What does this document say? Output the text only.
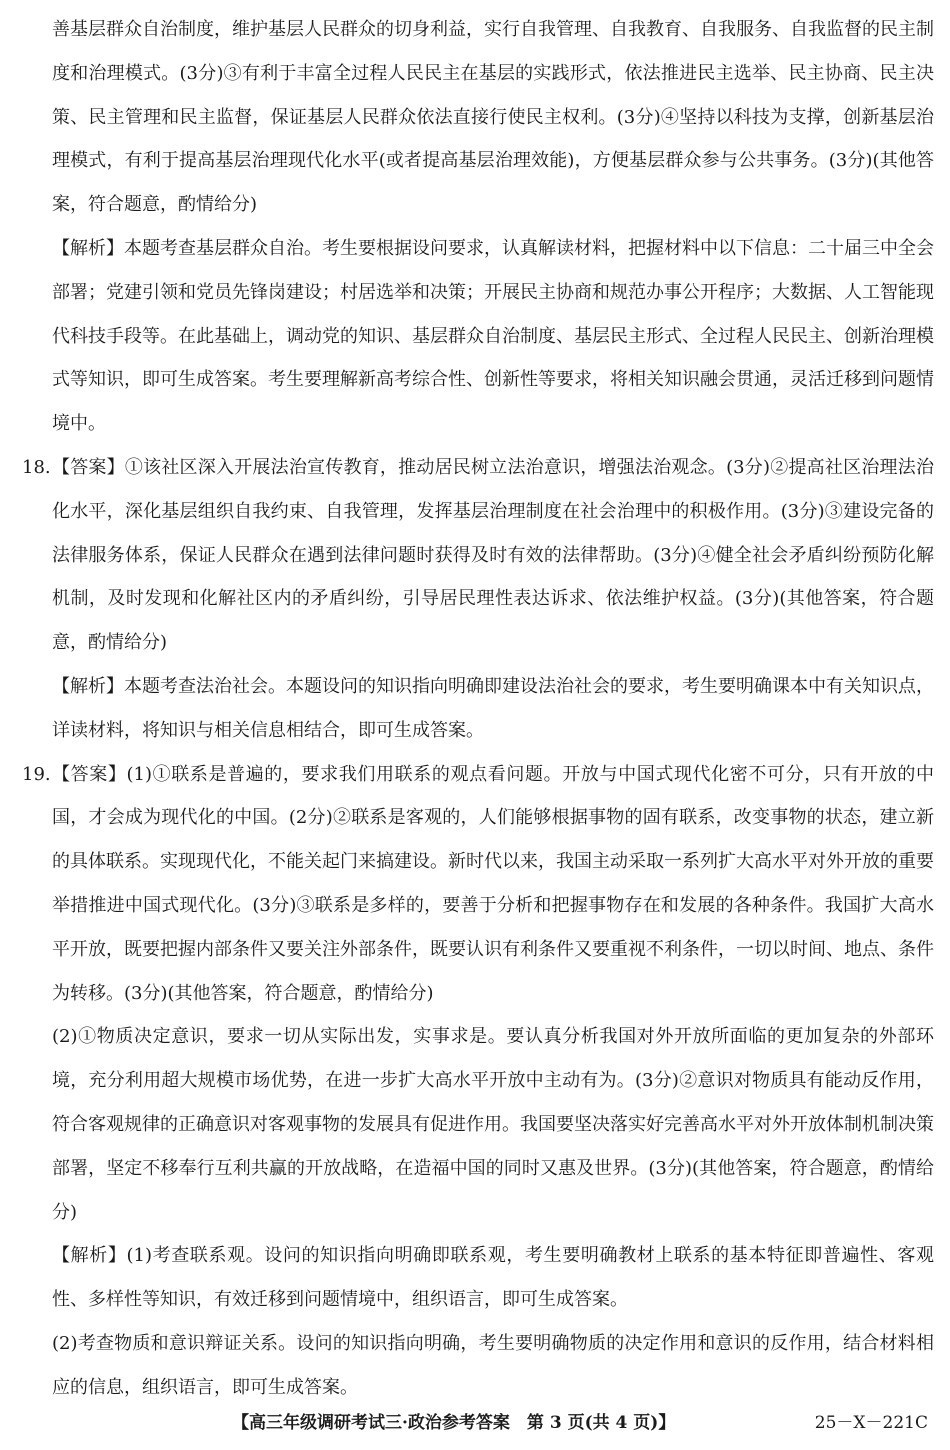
善基层群众自治制度，维护基层人民群众的切身利益，实行自我管理、自我教育、自我服务、自我监督的民主制度和治理模式。(3分)③有利于丰富全过程人民民主在基层的实践形式，依法推进民主选举、民主协商、民主决策、民主管理和民主监督，保证基层人民群众依法直接行使民主权利。(3分)④坚持以科技为支撑，创新基层治理模式，有利于提高基层治理现代化水平(或者提高基层治理效能)，方便基层群众参与公共事务。(3分)(其他答案，符合题意，酌情给分)

【解析】本题考查基层群众自治。考生要根据设问要求，认真解读材料，把握材料中以下信息：二十届三中全会部署；党建引领和党员先锋岗建设；村居选举和决策；开展民主协商和规范办事公开程序；大数据、人工智能现代科技手段等。在此基础上，调动党的知识、基层群众自治制度、基层民主形式、全过程人民民主、创新治理模式等知识，即可生成答案。考生要理解新高考综合性、创新性等要求，将相关知识融会贯通，灵活迁移到问题情境中。

18. 【答案】①该社区深入开展法治宣传教育，推动居民树立法治意识，增强法治观念。(3分)②提高社区治理法治化水平，深化基层组织自我约束、自我管理，发挥基层治理制度在社会治理中的积极作用。(3分)③建设完备的法律服务体系，保证人民群众在遇到法律问题时获得及时有效的法律帮助。(3分)④健全社会矛盾纠纷预防化解机制，及时发现和化解社区内的矛盾纠纷，引导居民理性表达诉求、依法维护权益。(3分)(其他答案，符合题意，酌情给分)

【解析】本题考查法治社会。本题设问的知识指向明确即建设法治社会的要求，考生要明确课本中有关知识点，详读材料，将知识与相关信息相结合，即可生成答案。

19. 【答案】(1)①联系是普遍的，要求我们用联系的观点看问题。开放与中国式现代化密不可分，只有开放的中国，才会成为现代化的中国。(2分)②联系是客观的，人们能够根据事物的固有联系，改变事物的状态，建立新的具体联系。实现现代化，不能关起门来搞建设。新时代以来，我国主动采取一系列扩大高水平对外开放的重要举措推进中国式现代化。(3分)③联系是多样的，要善于分析和把握事物存在和发展的各种条件。我国扩大高水平开放，既要把握内部条件又要关注外部条件，既要认识有利条件又要重视不利条件，一切以时间、地点、条件为转移。(3分)(其他答案，符合题意，酌情给分)

(2)①物质决定意识，要求一切从实际出发，实事求是。要认真分析我国对外开放所面临的更加复杂的外部环境，充分利用超大规模市场优势，在进一步扩大高水平开放中主动有为。(3分)②意识对物质具有能动反作用，符合客观规律的正确意识对客观事物的发展具有促进作用。我国要坚决落实好完善高水平对外开放体制机制决策部署，坚定不移奉行互利共赢的开放战略，在造福中国的同时又惠及世界。(3分)(其他答案，符合题意，酌情给分)

【解析】(1)考查联系观。设问的知识指向明确即联系观，考生要明确教材上联系的基本特征即普遍性、客观性、多样性等知识，有效迁移到问题情境中，组织语言，即可生成答案。

(2)考查物质和意识辩证关系。设问的知识指向明确，考生要明确物质的决定作用和意识的反作用，结合材料相应的信息，组织语言，即可生成答案。

【高三年级调研考试三·政治参考答案　第 3 页(共 4 页)】	25－X－221C
